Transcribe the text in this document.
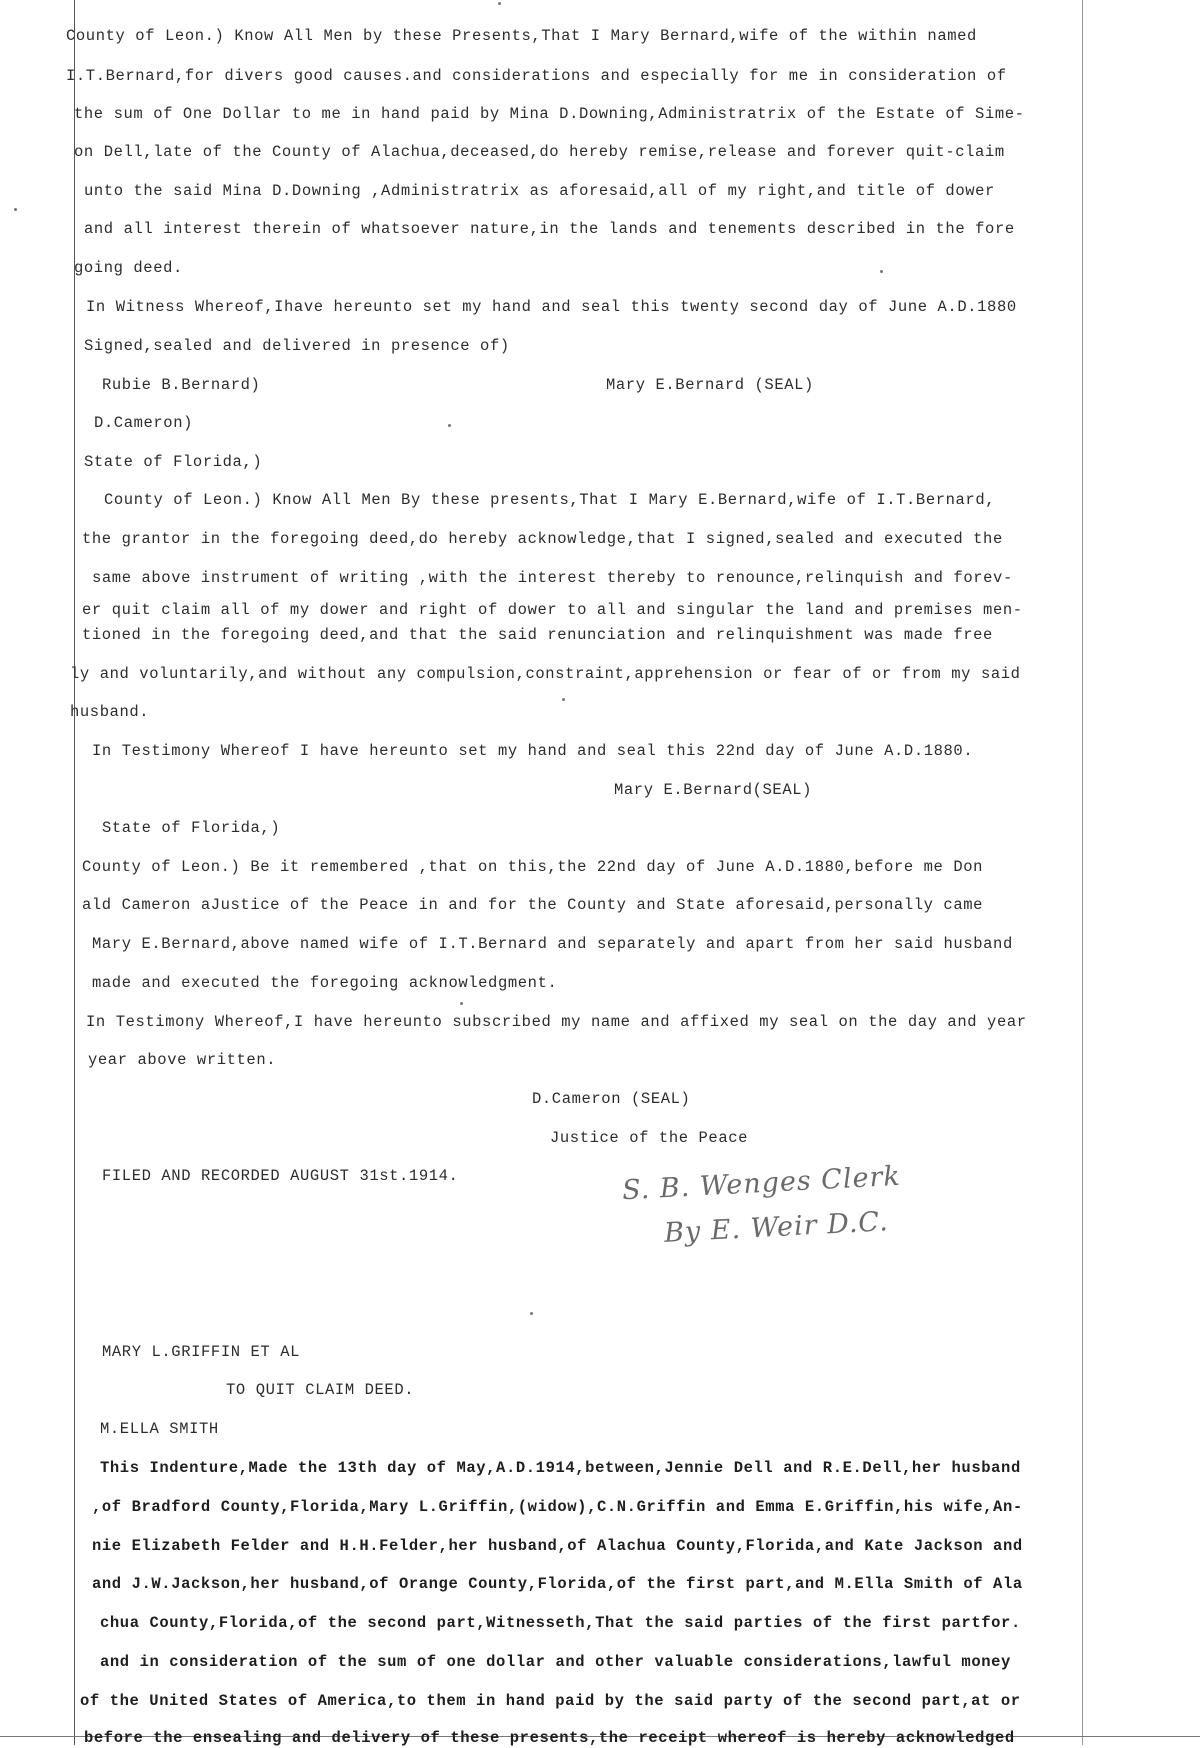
County of Leon.) Know All Men by these Presents,That I Mary Bernard,wife of the within named
I.T.Bernard,for divers good causes.and considerations and especially for me in consideration of
the sum of One Dollar to me in hand paid by Mina D.Downing,Administratrix of the Estate of Sime-
on Dell,late of the County of Alachua,deceased,do hereby remise,release and forever quit-claim
unto the said Mina D.Downing ,Administratrix as aforesaid,all of my right,and title of dower
and all interest therein of whatsoever nature,in the lands and tenements described in the fore
going deed.
In Witness Whereof,Ihave hereunto set my hand and seal this twenty second day of June A.D.1880
Signed,sealed and delivered in presence of)
Rubie B.Bernard)	Mary E.Bernard (SEAL)
D.Cameron)
State of Florida,)
County of Leon.) Know All Men By these presents,That I Mary E.Bernard,wife of I.T.Bernard,
the grantor in the foregoing deed,do hereby acknowledge,that I signed,sealed and executed the
same above instrument of writing ,with the interest thereby to renounce,relinquish and forev-
er quit claim all of my dower and right of dower to all and singular the land and premises men-
tioned in the foregoing deed,and that the said renunciation and relinquishment was made free
ly and voluntarily,and without any compulsion,constraint,apprehension or fear of or from my said
husband.
In Testimony Whereof I have hereunto set my hand and seal this 22nd day of June A.D.1880.
Mary E.Bernard(SEAL)
State of Florida,)
County of Leon.) Be it remembered ,that on this,the 22nd day of June A.D.1880,before me Don
ald Cameron aJustice of the Peace in and for the County and State aforesaid,personally came
Mary E.Bernard,above named wife of I.T.Bernard and separately and apart from her said husband
made and executed the foregoing acknowledgment.
In Testimony Whereof,I have hereunto subscribed my name and affixed my seal on the day and year
year above written.
D.Cameron (SEAL)
Justice of the Peace
FILED AND RECORDED AUGUST 31st.1914.
MARY L.GRIFFIN ET AL
TO QUIT CLAIM DEED.
M.ELLA SMITH
This Indenture,Made the 13th day of May,A.D.1914,between,Jennie Dell and R.E.Dell,her husband
,of Bradford County,Florida,Mary L.Griffin,(widow),C.N.Griffin and Emma E.Griffin,his wife,An-
nie Elizabeth Felder and H.H.Felder,her husband,of Alachua County,Florida,and Kate Jackson and
and J.W.Jackson,her husband,of Orange County,Florida,of the first part,and M.Ella Smith of Ala
chua County,Florida,of the second part,Witnesseth,That the said parties of the first partfor.
and in consideration of the sum of one dollar and other valuable considerations,lawful money
of the United States of America,to them in hand paid by the said party of the second part,at or
before the ensealing and delivery of these presents,the receipt whereof is hereby acknowledged
S. B. Wenges Clerk
By E. Weir D.C.
